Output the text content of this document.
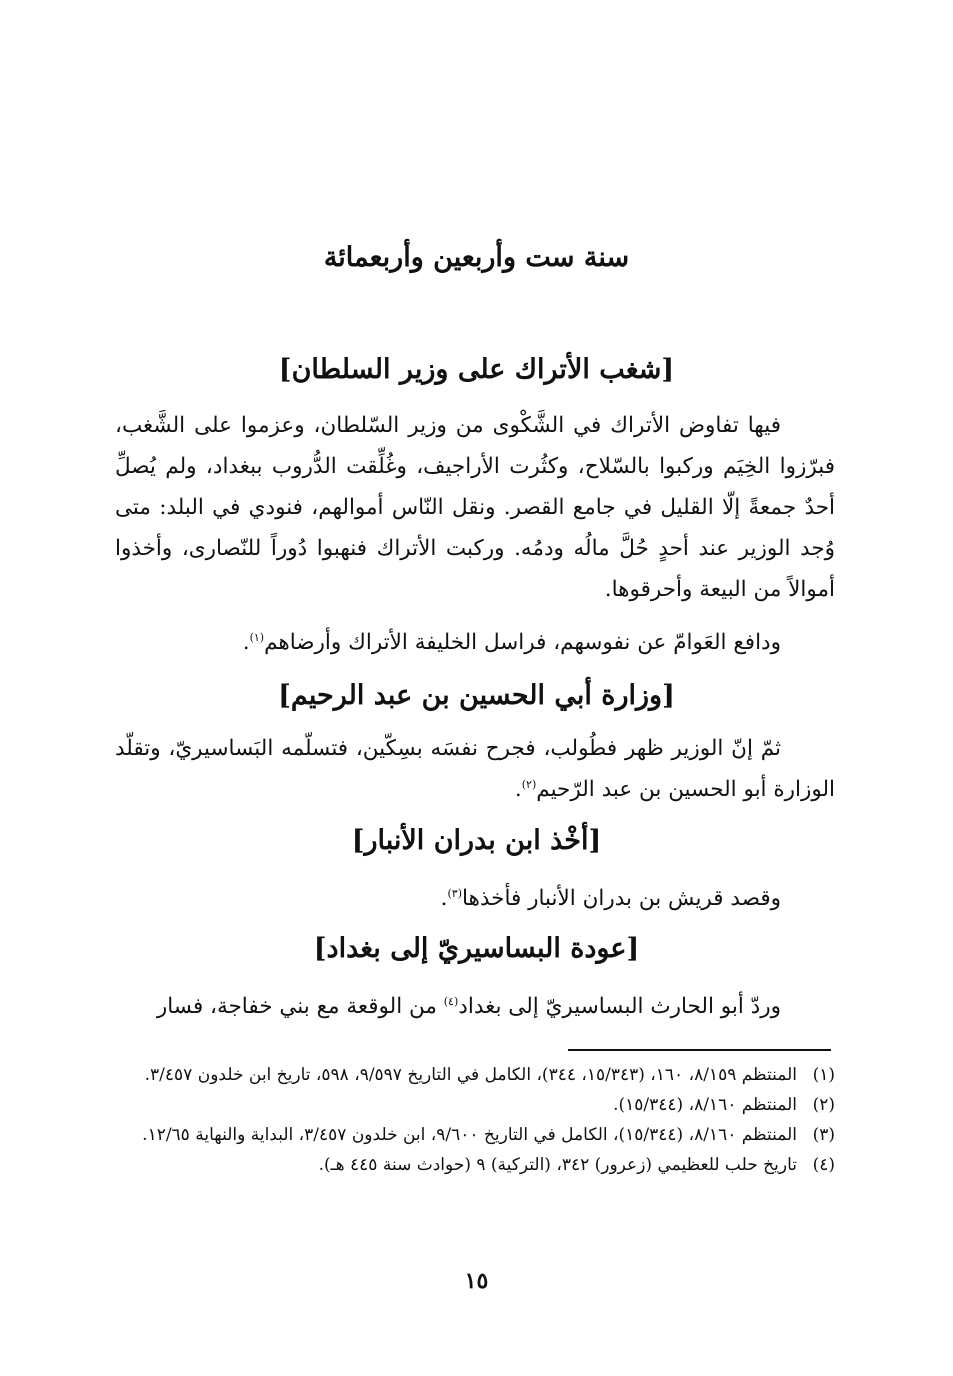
سنة ست وأربعين وأربعمائة
[شغب الأتراك على وزير السلطان]
فيها تفاوض الأتراك في الشَّكْوى من وزير السّلطان، وعزموا على الشَّغب، فبرّزوا الخِيَم وركبوا بالسّلاح، وكثُرت الأراجيف، وغُلِّقت الدُّروب ببغداد، ولم يُصلِّ أحدٌ جمعةً إلّا القليل في جامع القصر. ونقل النّاس أموالهم، فنودي في البلد: متى وُجد الوزير عند أحدٍ حُلَّ مالُه ودمُه. وركبت الأتراك فنهبوا دُوراً للنّصارى، وأخذوا أموالاً من البيعة وأحرقوها.
ودافع العَوامّ عن نفوسهم، فراسل الخليفة الأتراك وأرضاهم$^{(١)}$.
[وزارة أبي الحسين بن عبد الرحيم]
ثمّ إنّ الوزير ظهر فطُولب، فجرح نفسَه بسِكّين، فتسلّمه البَساسيريّ، وتقلّد الوزارة أبو الحسين بن عبد الرّحيم$^{(٢)}$.
[أخْذ ابن بدران الأنبار]
وقصد قريش بن بدران الأنبار فأخذها$^{(٣)}$.
[عودة البساسيريّ إلى بغداد]
وردّ أبو الحارث البساسيريّ إلى بغداد$^{(٤)}$ من الوقعة مع بني خفاجة، فسار
(١)
المنتظم ٨/١٥٩، ١٦٠، (١٥/٣٤٣، ٣٤٤)، الكامل في التاريخ ٩/٥٩٧، ٥٩٨، تاريخ ابن خلدون ٣/٤٥٧.
(٢)
المنتظم ٨/١٦٠، (١٥/٣٤٤).
(٣)
المنتظم ٨/١٦٠، (١٥/٣٤٤)، الكامل في التاريخ ٩/٦٠٠، ابن خلدون ٣/٤٥٧، البداية والنهاية ١٢/٦٥.
(٤)
تاريخ حلب للعظيمي (زعرور) ٣٤٢، (التركية) ٩ (حوادث سنة ٤٤٥ هـ).
١٥
